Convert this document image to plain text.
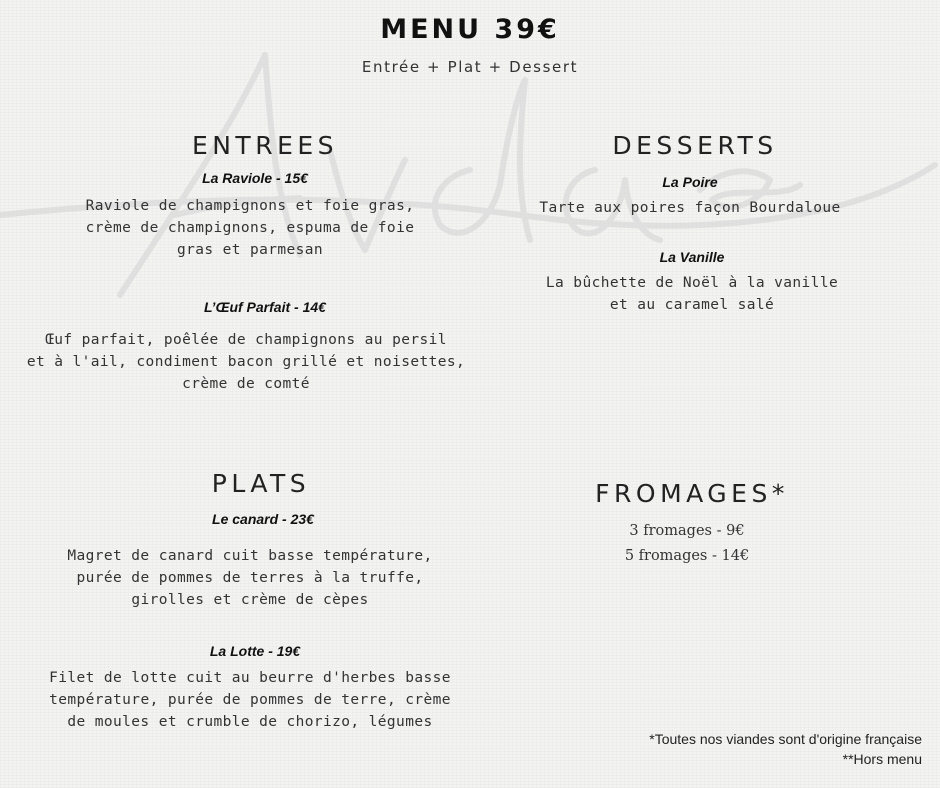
MENU 39€
Entrée + Plat + Dessert
ENTREES
La Raviole - 15€
Raviole de champignons et foie gras,
crème de champignons, espuma de foie
gras et parmesan
L’Œuf Parfait - 14€
Œuf parfait, poêlée de champignons au persil
et à l'ail, condiment bacon grillé et noisettes,
crème de comté
DESSERTS
La Poire
Tarte aux poires façon Bourdaloue
La Vanille
La bûchette de Noël à la vanille
et au caramel salé
PLATS
Le canard - 23€
Magret de canard cuit basse température,
purée de pommes de terres à la truffe,
girolles et crème de cèpes
La Lotte - 19€
Filet de lotte cuit au beurre d'herbes basse
température, purée de pommes de terre, crème
de moules et crumble de chorizo, légumes
FROMAGES*
3 fromages - 9€
5 fromages - 14€
*Toutes nos viandes sont d'origine française
**Hors menu
